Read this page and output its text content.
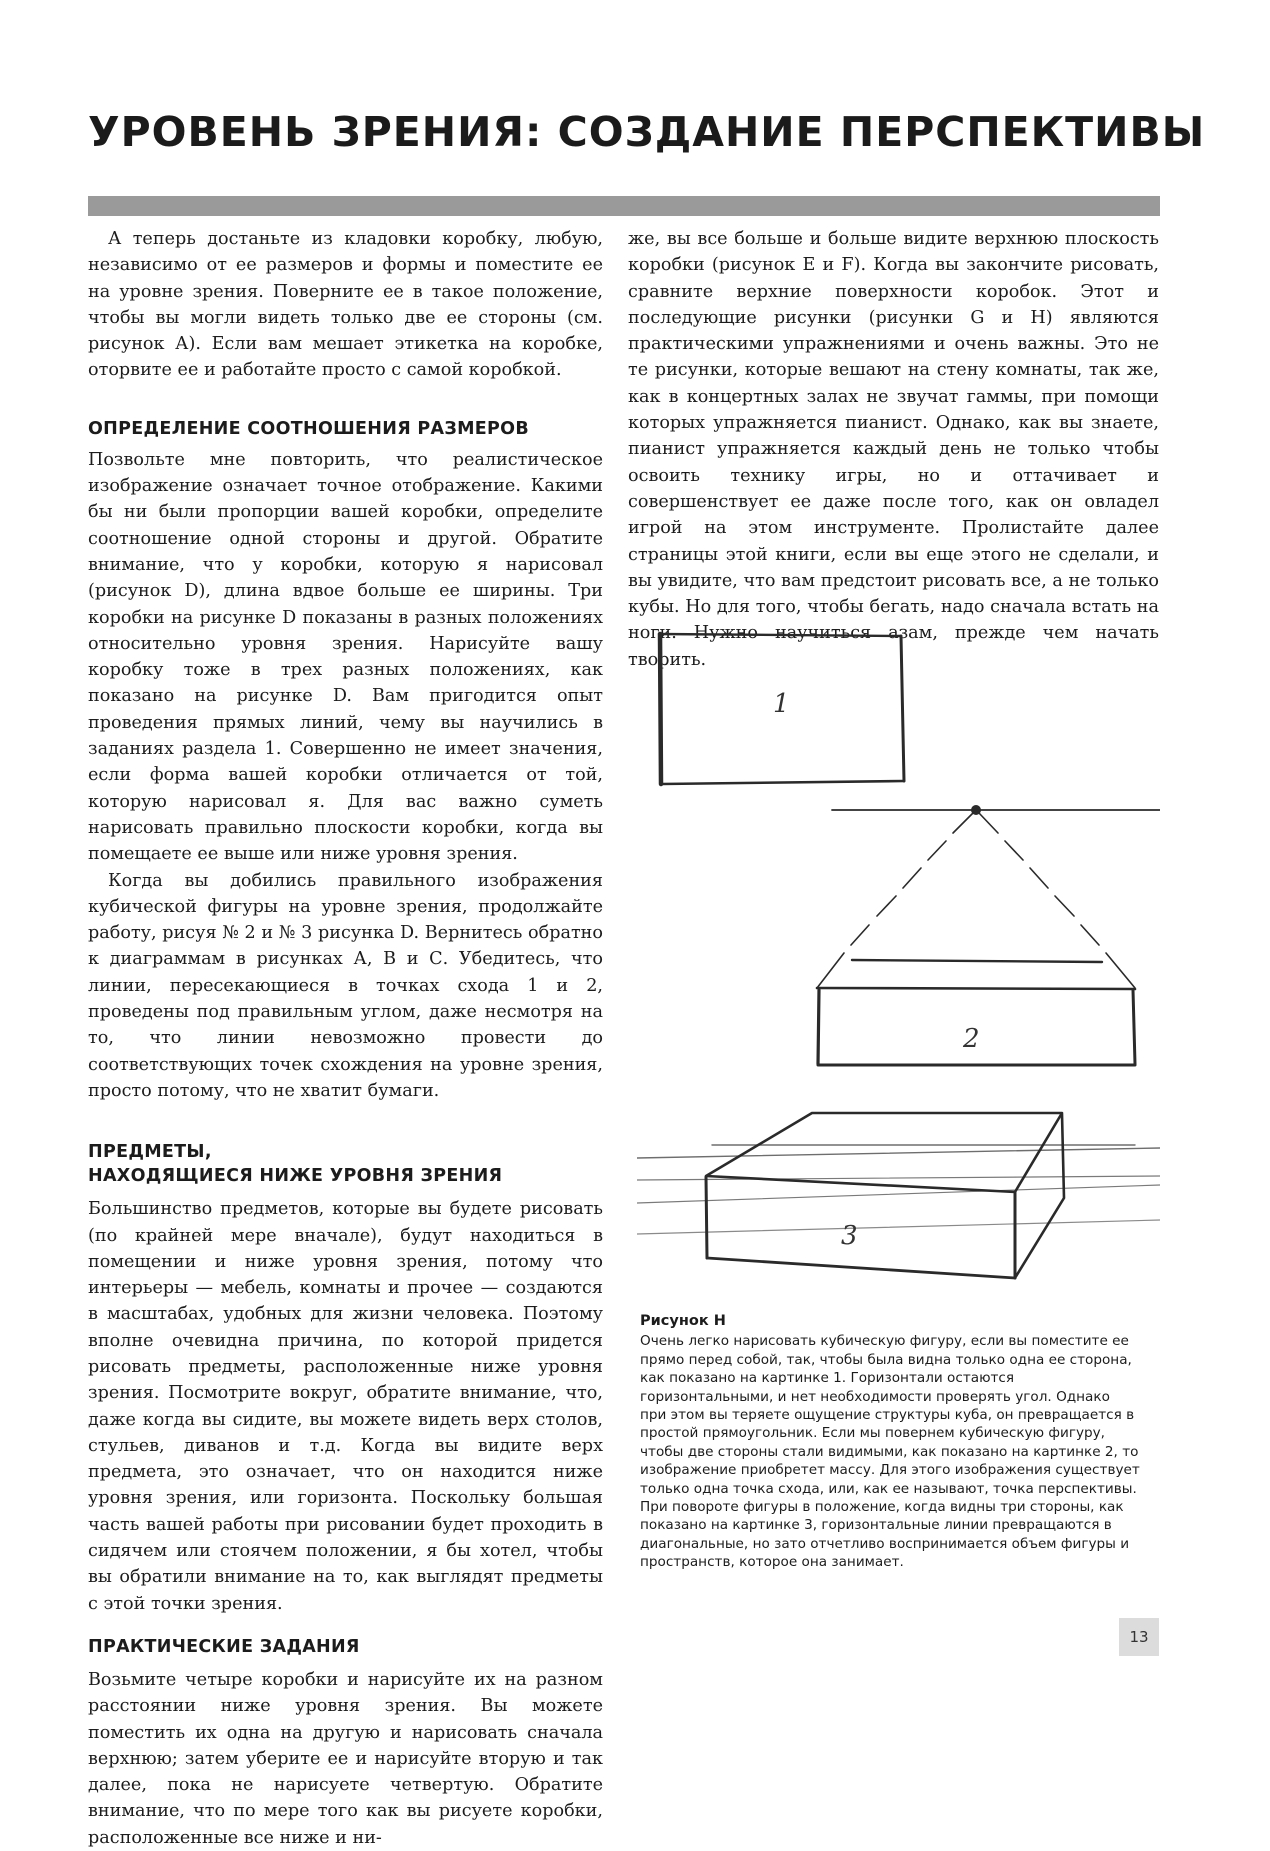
УРОВЕНЬ ЗРЕНИЯ: СОЗДАНИЕ ПЕРСПЕКТИВЫ

А теперь достаньте из кладовки коробку, любую, независимо от ее размеров и формы и поместите ее на уровне зрения. Поверните ее в такое положение, чтобы вы могли видеть только две ее стороны (см. рисунок А). Если вам мешает этикетка на коробке, оторвите ее и работайте просто с самой коробкой.

ОПРЕДЕЛЕНИЕ СООТНОШЕНИЯ РАЗМЕРОВ

Позвольте мне повторить, что реалистическое изображение означает точное отображение. Какими бы ни были пропорции вашей коробки, определите соотношение одной стороны и другой. Обратите внимание, что у коробки, которую я нарисовал (рисунок D), длина вдвое больше ее ширины. Три коробки на рисунке D показаны в разных положениях относительно уровня зрения. Нарисуйте вашу коробку тоже в трех разных положениях, как показано на рисунке D. Вам пригодится опыт проведения прямых линий, чему вы научились в заданиях раздела 1. Совершенно не имеет значения, если форма вашей коробки отличается от той, которую нарисовал я. Для вас важно суметь нарисовать правильно плоскости коробки, когда вы помещаете ее выше или ниже уровня зрения.

Когда вы добились правильного изображения кубической фигуры на уровне зрения, продолжайте работу, рисуя № 2 и № 3 рисунка D. Вернитесь обратно к диаграммам в рисунках А, В и С. Убедитесь, что линии, пересекающиеся в точках схода 1 и 2, проведены под правильным углом, даже несмотря на то, что линии невозможно провести до соответствующих точек схождения на уровне зрения, просто потому, что не хватит бумаги.

ПРЕДМЕТЫ,
НАХОДЯЩИЕСЯ НИЖЕ УРОВНЯ ЗРЕНИЯ

Большинство предметов, которые вы будете рисовать (по крайней мере вначале), будут находиться в помещении и ниже уровня зрения, потому что интерьеры — мебель, комнаты и прочее — создаются в масштабах, удобных для жизни человека. Поэтому вполне очевидна причина, по которой придется рисовать предметы, расположенные ниже уровня зрения. Посмотрите вокруг, обратите внимание, что, даже когда вы сидите, вы можете видеть верх столов, стульев, диванов и т.д. Когда вы видите верх предмета, это означает, что он находится ниже уровня зрения, или горизонта. Поскольку большая часть вашей работы при рисовании будет проходить в сидячем или стоячем положении, я бы хотел, чтобы вы обратили внимание на то, как выглядят предметы с этой точки зрения.

ПРАКТИЧЕСКИЕ ЗАДАНИЯ

Возьмите четыре коробки и нарисуйте их на разном расстоянии ниже уровня зрения. Вы можете поместить их одна на другую и нарисовать сначала верхнюю; затем уберите ее и нарисуйте вторую и так далее, пока не нарисуете четвертую. Обратите внимание, что по мере того как вы рисуете коробки, расположенные все ниже и ни-

же, вы все больше и больше видите верхнюю плоскость коробки (рисунок E и F). Когда вы закончите рисовать, сравните верхние поверхности коробок. Этот и последующие рисунки (рисунки G и H) являются практическими упражнениями и очень важны. Это не те рисунки, которые вешают на стену комнаты, так же, как в концертных залах не звучат гаммы, при помощи которых упражняется пианист. Однако, как вы знаете, пианист упражняется каждый день не только чтобы освоить технику игры, но и оттачивает и совершенствует ее даже после того, как он овладел игрой на этом инструменте. Пролистайте далее страницы этой книги, если вы еще этого не сделали, и вы увидите, что вам предстоит рисовать все, а не только кубы. Но для того, чтобы бегать, надо сначала встать на ноги. Нужно научиться азам, прежде чем начать творить.

1
2
3
Рисунок H
Очень легко нарисовать кубическую фигуру, если вы поместите ее прямо перед собой, так, чтобы была видна только одна ее сторона, как показано на картинке 1. Горизонтали остаются горизонтальными, и нет необходимости проверять угол. Однако при этом вы теряете ощущение структуры куба, он превращается в простой прямоугольник. Если мы повернем кубическую фигуру, чтобы две стороны стали видимыми, как показано на картинке 2, то изображение приобретет массу. Для этого изображения существует только одна точка схода, или, как ее называют, точка перспективы. При повороте фигуры в положение, когда видны три стороны, как показано на картинке 3, горизонтальные линии превращаются в диагональные, но зато отчетливо воспринимается объем фигуры и пространств, которое она занимает.
13
